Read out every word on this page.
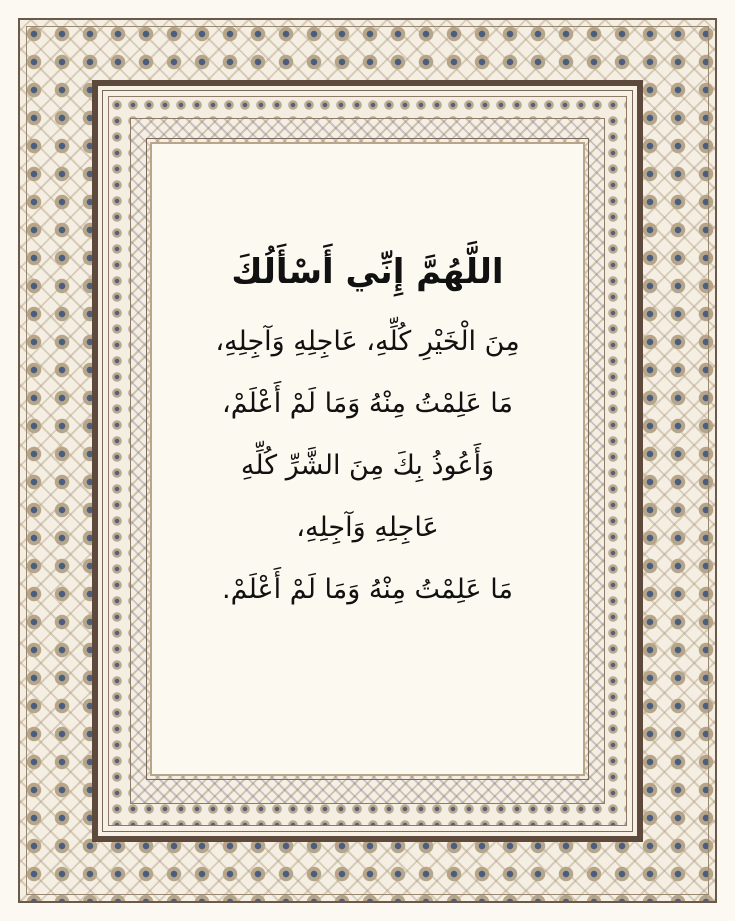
اللَّهُمَّ إِنِّي أَسْأَلُكَ
مِنَ الْخَيْرِ كُلِّهِ، عَاجِلِهِ وَآجِلِهِ،
مَا عَلِمْتُ مِنْهُ وَمَا لَمْ أَعْلَمْ،
وَأَعُوذُ بِكَ مِنَ الشَّرِّ كُلِّهِ
عَاجِلِهِ وَآجِلِهِ،
مَا عَلِمْتُ مِنْهُ وَمَا لَمْ أَعْلَمْ.
